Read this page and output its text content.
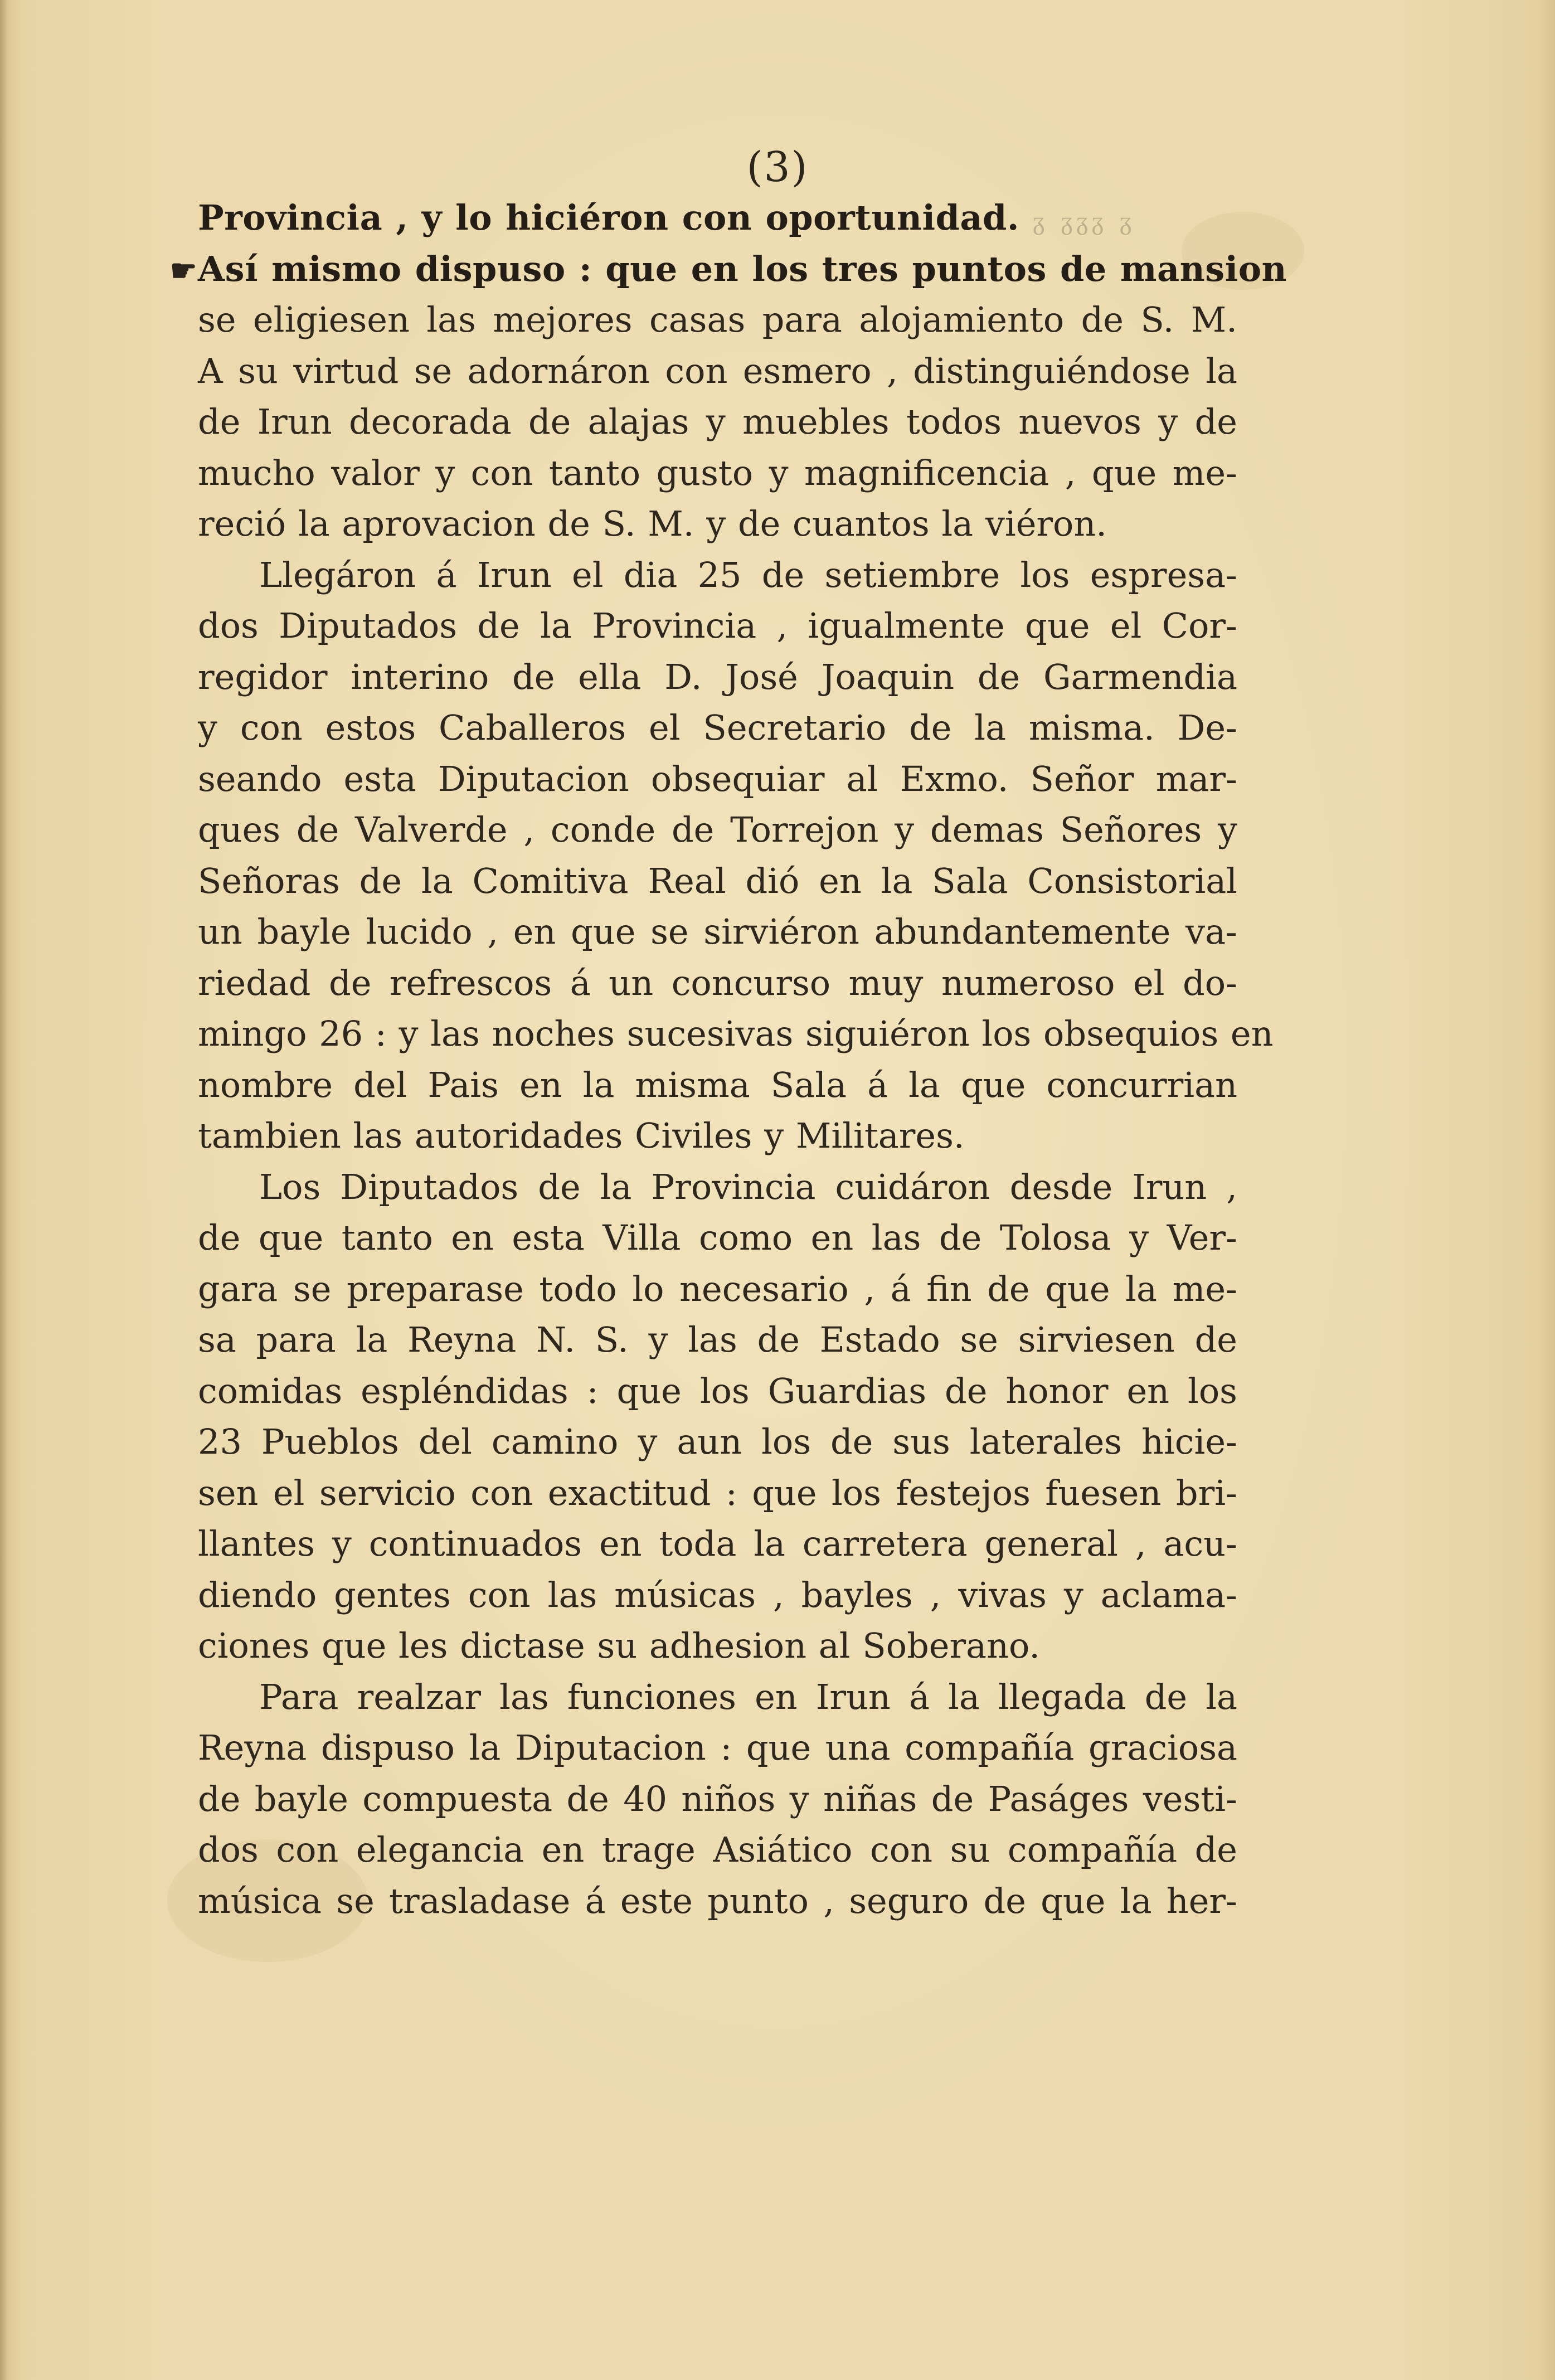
(3)
Provincia , y lo hiciéron con oportunidad. ᵹ ᵹᵹᵹ ᵹ
☛Así mismo dispuso : que en los tres puntos de mansion
se eligiesen las mejores casas para alojamiento de S. M.
A su virtud se adornáron con esmero , distinguiéndose la
de Irun decorada de alajas y muebles todos nuevos y de
mucho valor y con tanto gusto y magnificencia , que me-
reció la aprovacion de S. M. y de cuantos la viéron.
Llegáron á Irun el dia 25 de setiembre los espresa-
dos Diputados de la Provincia , igualmente que el Cor-
regidor interino de ella D. José Joaquin de Garmendia
y con estos Caballeros el Secretario de la misma. De-
seando esta Diputacion obsequiar al Exmo. Señor mar-
ques de Valverde , conde de Torrejon y demas Señores y
Señoras de la Comitiva Real dió en la Sala Consistorial
un bayle lucido , en que se sirviéron abundantemente va-
riedad de refrescos á un concurso muy numeroso el do-
mingo 26 : y las noches sucesivas siguiéron los obsequios en
nombre del Pais en la misma Sala á la que concurrian
tambien las autoridades Civiles y Militares.
Los Diputados de la Provincia cuidáron desde Irun ,
de que tanto en esta Villa como en las de Tolosa y Ver-
gara se preparase todo lo necesario , á fin de que la me-
sa para la Reyna N. S. y las de Estado se sirviesen de
comidas espléndidas : que los Guardias de honor en los
23 Pueblos del camino y aun los de sus laterales hicie-
sen el servicio con exactitud : que los festejos fuesen bri-
llantes y continuados en toda la carretera general , acu-
diendo gentes con las músicas , bayles , vivas y aclama-
ciones que les dictase su adhesion al Soberano.
Para realzar las funciones en Irun á la llegada de la
Reyna dispuso la Diputacion : que una compañía graciosa
de bayle compuesta de 40 niños y niñas de Paságes vesti-
dos con elegancia en trage Asiático con su compañía de
música se trasladase á este punto , seguro de que la her-
